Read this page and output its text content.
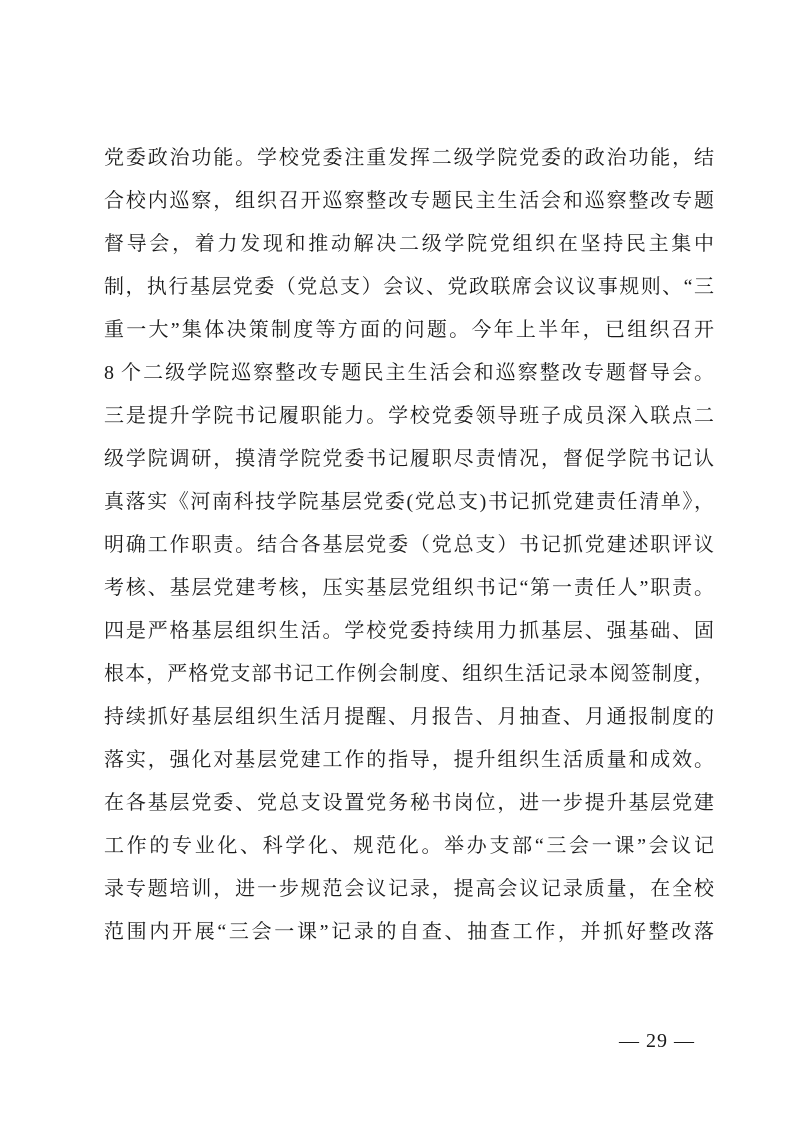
党委政治功能。学校党委注重发挥二级学院党委的政治功能，结
合校内巡察，组织召开巡察整改专题民主生活会和巡察整改专题
督导会，着力发现和推动解决二级学院党组织在坚持民主集中
制，执行基层党委（党总支）会议、党政联席会议议事规则、“三
重一大”集体决策制度等方面的问题。今年上半年，已组织召开
8 个二级学院巡察整改专题民主生活会和巡察整改专题督导会。
三是提升学院书记履职能力。学校党委领导班子成员深入联点二
级学院调研，摸清学院党委书记履职尽责情况，督促学院书记认
真落实《河南科技学院基层党委(党总支)书记抓党建责任清单》，
明确工作职责。结合各基层党委（党总支）书记抓党建述职评议
考核、基层党建考核，压实基层党组织书记“第一责任人”职责。
四是严格基层组织生活。学校党委持续用力抓基层、强基础、固
根本，严格党支部书记工作例会制度、组织生活记录本阅签制度，
持续抓好基层组织生活月提醒、月报告、月抽查、月通报制度的
落实，强化对基层党建工作的指导，提升组织生活质量和成效。
在各基层党委、党总支设置党务秘书岗位，进一步提升基层党建
工作的专业化、科学化、规范化。举办支部“三会一课”会议记
录专题培训，进一步规范会议记录，提高会议记录质量，在全校
范围内开展“三会一课”记录的自查、抽查工作，并抓好整改落
— 29 —
